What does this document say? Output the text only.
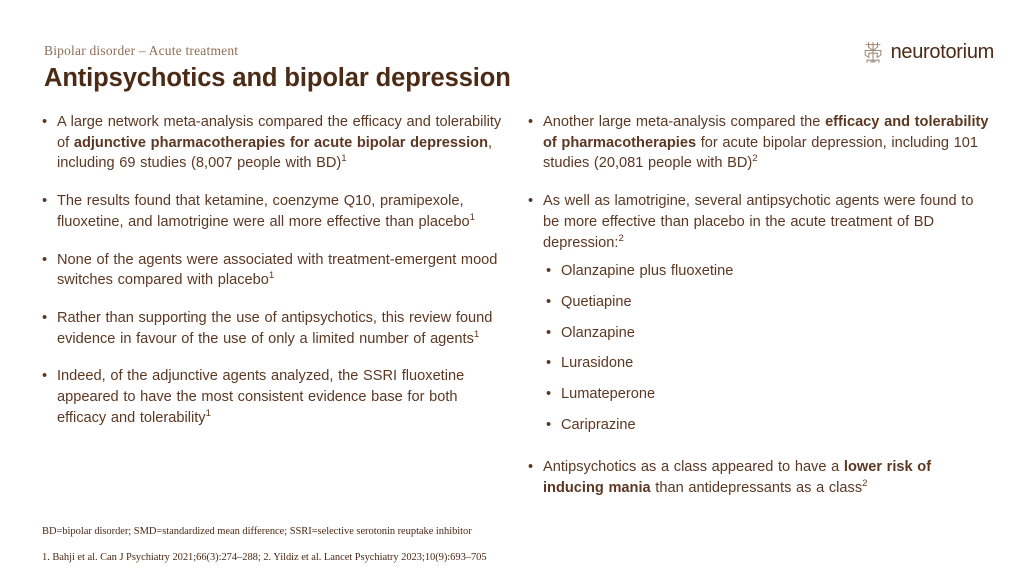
Bipolar disorder – Acute treatment
Antipsychotics and bipolar depression
neurotorium
• A large network meta-analysis compared the efficacy and tolerability of adjunctive pharmacotherapies for acute bipolar depression, including 69 studies (8,007 people with BD)$^1$
• The results found that ketamine, coenzyme Q10, pramipexole, fluoxetine, and lamotrigine were all more effective than placebo$^1$
• None of the agents were associated with treatment-emergent mood switches compared with placebo$^1$
• Rather than supporting the use of antipsychotics, this review found evidence in favour of the use of only a limited number of agents$^1$
• Indeed, of the adjunctive agents analyzed, the SSRI fluoxetine appeared to have the most consistent evidence base for both efficacy and tolerability$^1$
• Another large meta-analysis compared the efficacy and tolerability of pharmacotherapies for acute bipolar depression, including 101 studies (20,081 people with BD)$^2$
• As well as lamotrigine, several antipsychotic agents were found to be more effective than placebo in the acute treatment of BD depression:$^2$
• Olanzapine plus fluoxetine
• Quetiapine
• Olanzapine
• Lurasidone
• Lumateperone
• Cariprazine
• Antipsychotics as a class appeared to have a lower risk of inducing mania than antidepressants as a class$^2$
BD=bipolar disorder; SMD=standardized mean difference; SSRI=selective serotonin reuptake inhibitor
1. Bahji et al. Can J Psychiatry 2021;66(3):274–288; 2. Yildiz et al. Lancet Psychiatry 2023;10(9):693–705
